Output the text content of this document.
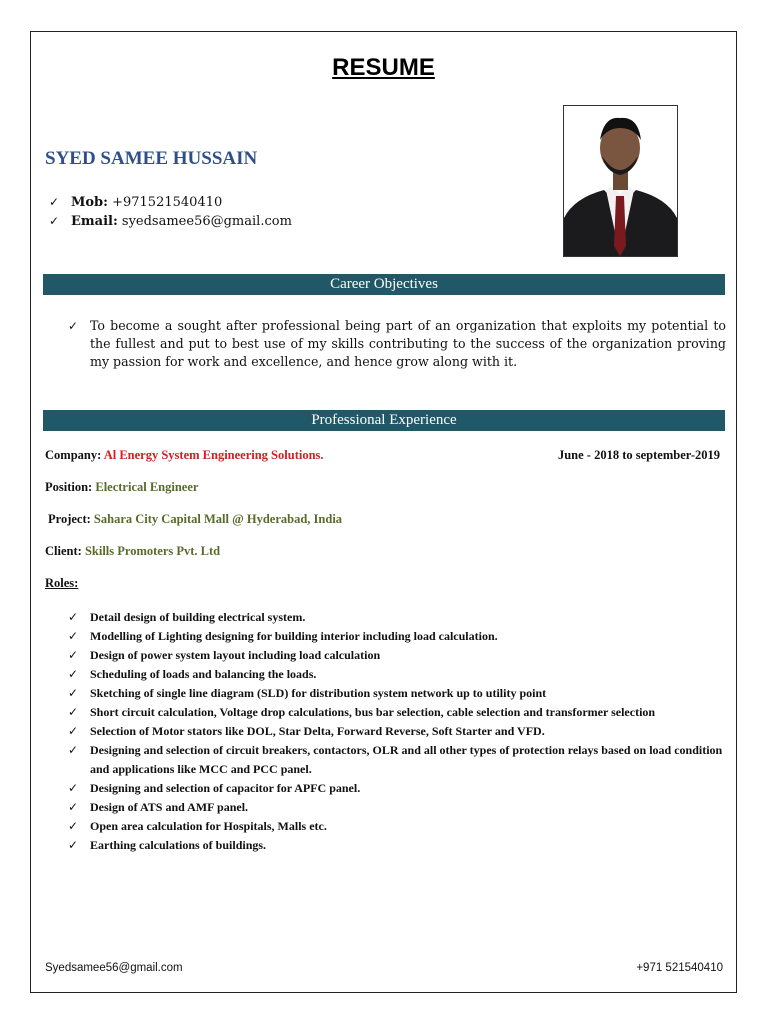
RESUME
SYED SAMEE HUSSAIN
✓ Mob: +971521540410
✓ Email: syedsamee56@gmail.com
Career Objectives
✓ To become a sought after professional being part of an organization that exploits my potential to the fullest and put to best use of my skills contributing to the success of the organization proving my passion for work and excellence, and hence grow along with it.
Professional Experience
Company: Al Energy System Engineering Solutions.	June - 2018 to september-2019
Position: Electrical Engineer
Project: Sahara City Capital Mall @ Hyderabad, India
Client: Skills Promoters Pvt. Ltd
Roles:
✓ Detail design of building electrical system.
✓ Modelling of Lighting designing for building interior including load calculation.
✓ Design of power system layout including load calculation
✓ Scheduling of loads and balancing the loads.
✓ Sketching of single line diagram (SLD) for distribution system network up to utility point
✓ Short circuit calculation, Voltage drop calculations, bus bar selection, cable selection and transformer selection
✓ Selection of Motor stators like DOL, Star Delta, Forward Reverse, Soft Starter and VFD.
✓ Designing and selection of circuit breakers, contactors, OLR and all other types of protection relays based on load condition and applications like MCC and PCC panel.
✓ Designing and selection of capacitor for APFC panel.
✓ Design of ATS and AMF panel.
✓ Open area calculation for Hospitals, Malls etc.
✓ Earthing calculations of buildings.
Syedsamee56@gmail.com	+971 521540410
